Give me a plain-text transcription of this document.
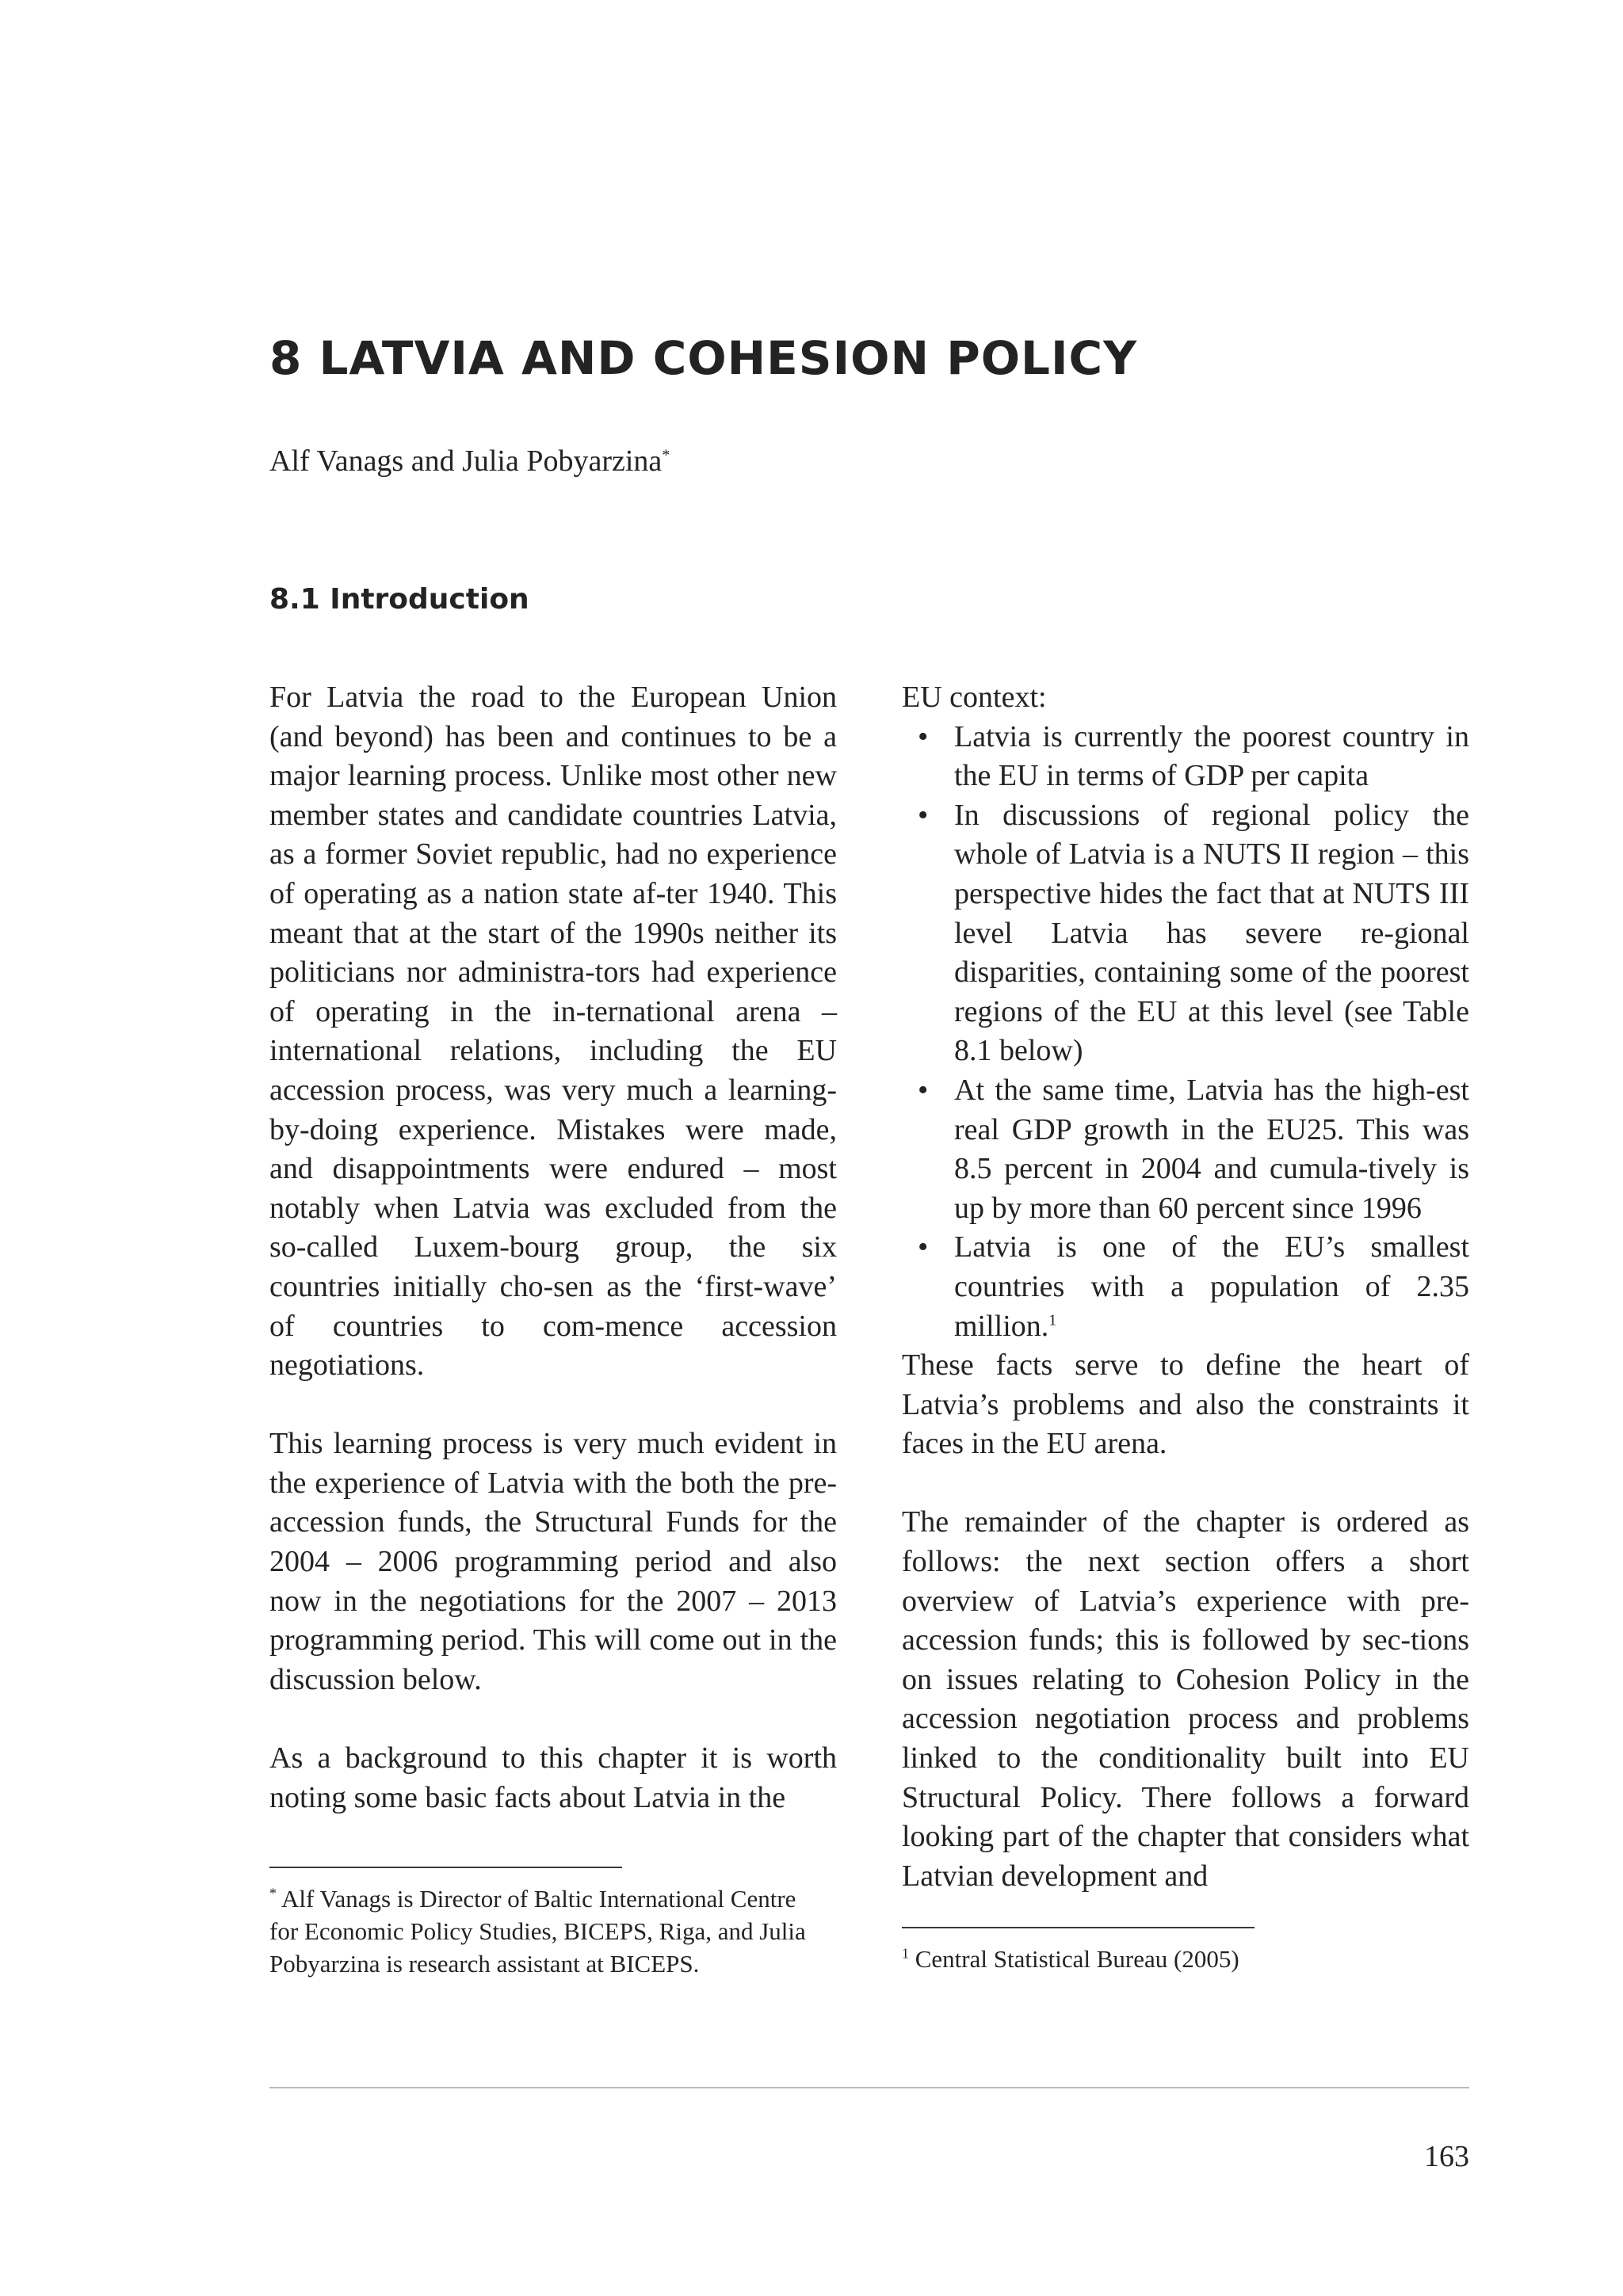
8 LATVIA AND COHESION POLICY

Alf Vanags and Julia Pobyarzina*

8.1 Introduction

For Latvia the road to the European Union (and beyond) has been and continues to be a major learning process. Unlike most other new member states and candidate countries Latvia, as a former Soviet republic, had no experience of operating as a nation state af-ter 1940. This meant that at the start of the 1990s neither its politicians nor administra-tors had experience of operating in the in-ternational arena – international relations, including the EU accession process, was very much a learning-by-doing experience. Mistakes were made, and disappointments were endured – most notably when Latvia was excluded from the so-called Luxem-bourg group, the six countries initially cho-sen as the ‘first-wave’ of countries to com-mence accession negotiations.

This learning process is very much evident in the experience of Latvia with the both the pre-accession funds, the Structural Funds for the 2004 – 2006 programming period and also now in the negotiations for the 2007 – 2013 programming period. This will come out in the discussion below.

As a background to this chapter it is worth noting some basic facts about Latvia in the

EU context:
• Latvia is currently the poorest country in the EU in terms of GDP per capita
• In discussions of regional policy the whole of Latvia is a NUTS II region – this perspective hides the fact that at NUTS III level Latvia has severe re-gional disparities, containing some of the poorest regions of the EU at this level (see Table 8.1 below)
• At the same time, Latvia has the high-est real GDP growth in the EU25. This was 8.5 percent in 2004 and cumula-tively is up by more than 60 percent since 1996
• Latvia is one of the EU’s smallest countries with a population of 2.35 million.$^1$

These facts serve to define the heart of Latvia’s problems and also the constraints it faces in the EU arena.

The remainder of the chapter is ordered as follows: the next section offers a short overview of Latvia’s experience with pre-accession funds; this is followed by sec-tions on issues relating to Cohesion Policy in the accession negotiation process and problems linked to the conditionality built into EU Structural Policy. There follows a forward looking part of the chapter that considers what Latvian development and

* Alf Vanags is Director of Baltic International Centre for Economic Policy Studies, BICEPS, Riga, and Julia Pobyarzina is research assistant at BICEPS.	$^1$ Central Statistical Bureau (2005)
163
